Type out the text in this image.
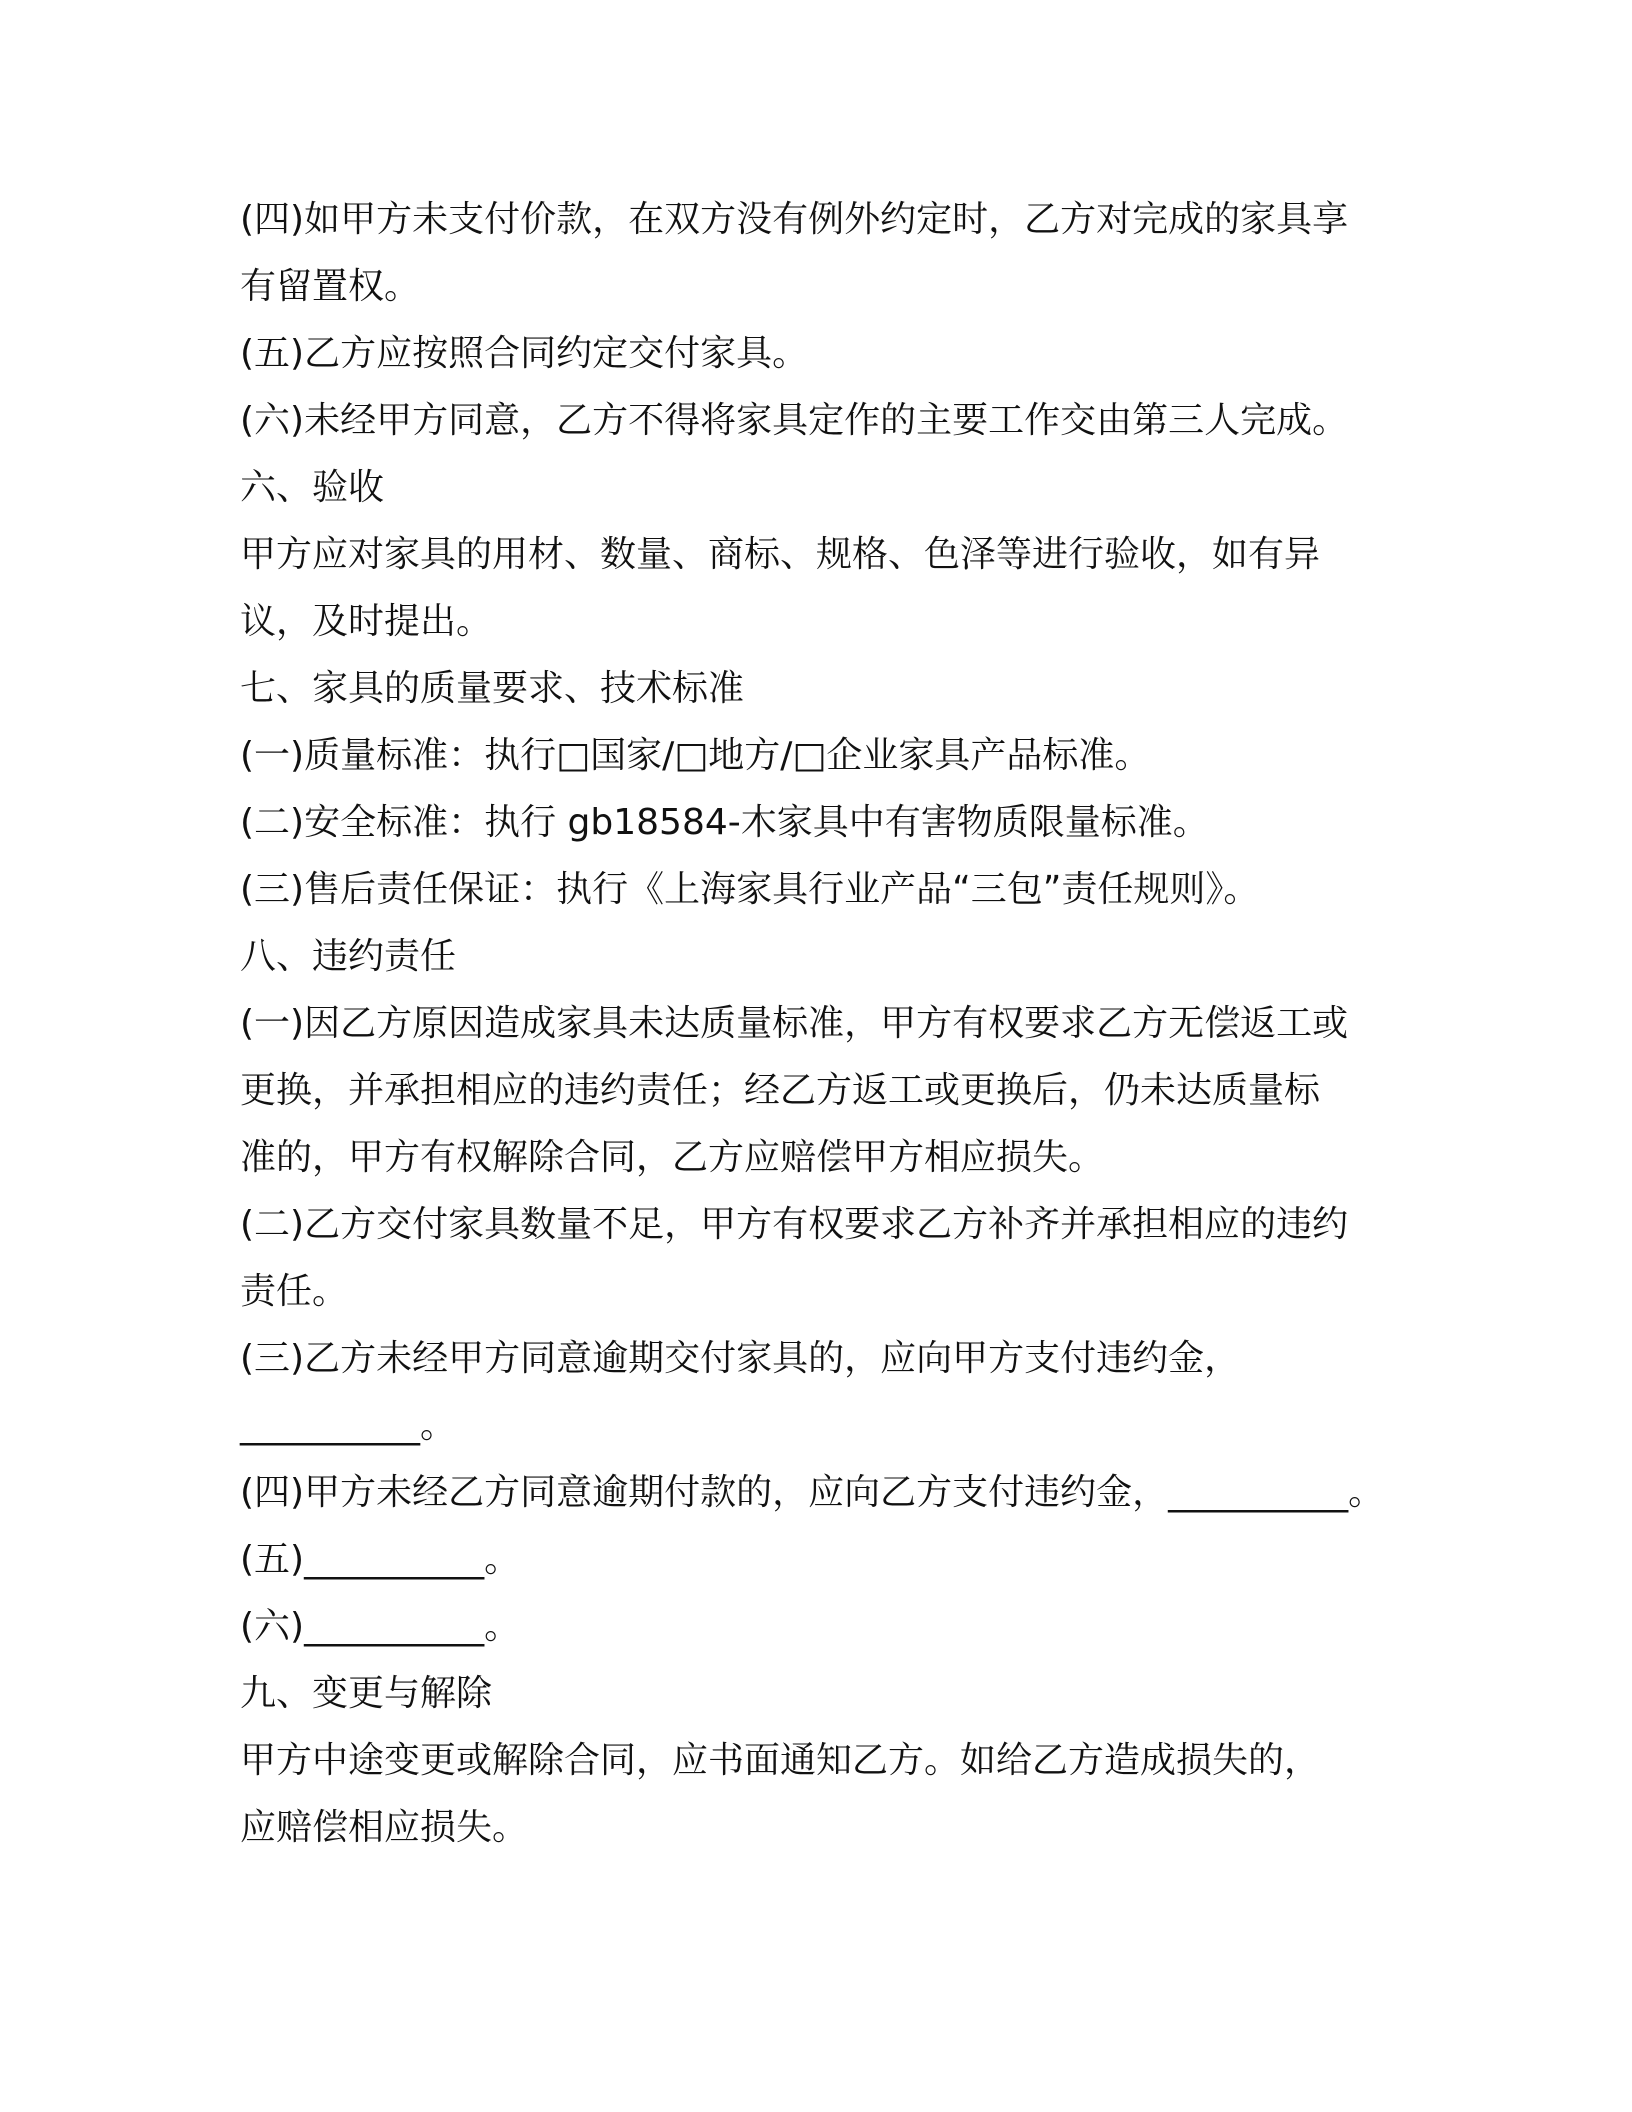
(四)如甲方未支付价款，在双方没有例外约定时，乙方对完成的家具享
有留置权。
(五)乙方应按照合同约定交付家具。
(六)未经甲方同意，乙方不得将家具定作的主要工作交由第三人完成。
六、验收
甲方应对家具的用材、数量、商标、规格、色泽等进行验收，如有异
议，及时提出。
七、家具的质量要求、技术标准
(一)质量标准：执行□国家/□地方/□企业家具产品标准。
(二)安全标准：执行 gb18584-木家具中有害物质限量标准。
(三)售后责任保证：执行《上海家具行业产品“三包”责任规则》。
八、违约责任
(一)因乙方原因造成家具未达质量标准，甲方有权要求乙方无偿返工或
更换，并承担相应的违约责任；经乙方返工或更换后，仍未达质量标
准的，甲方有权解除合同，乙方应赔偿甲方相应损失。
(二)乙方交付家具数量不足，甲方有权要求乙方补齐并承担相应的违约
责任。
(三)乙方未经甲方同意逾期交付家具的，应向甲方支付违约金，
__________。
(四)甲方未经乙方同意逾期付款的，应向乙方支付违约金，__________。
(五)__________。
(六)__________。
九、变更与解除
甲方中途变更或解除合同，应书面通知乙方。如给乙方造成损失的，
应赔偿相应损失。
